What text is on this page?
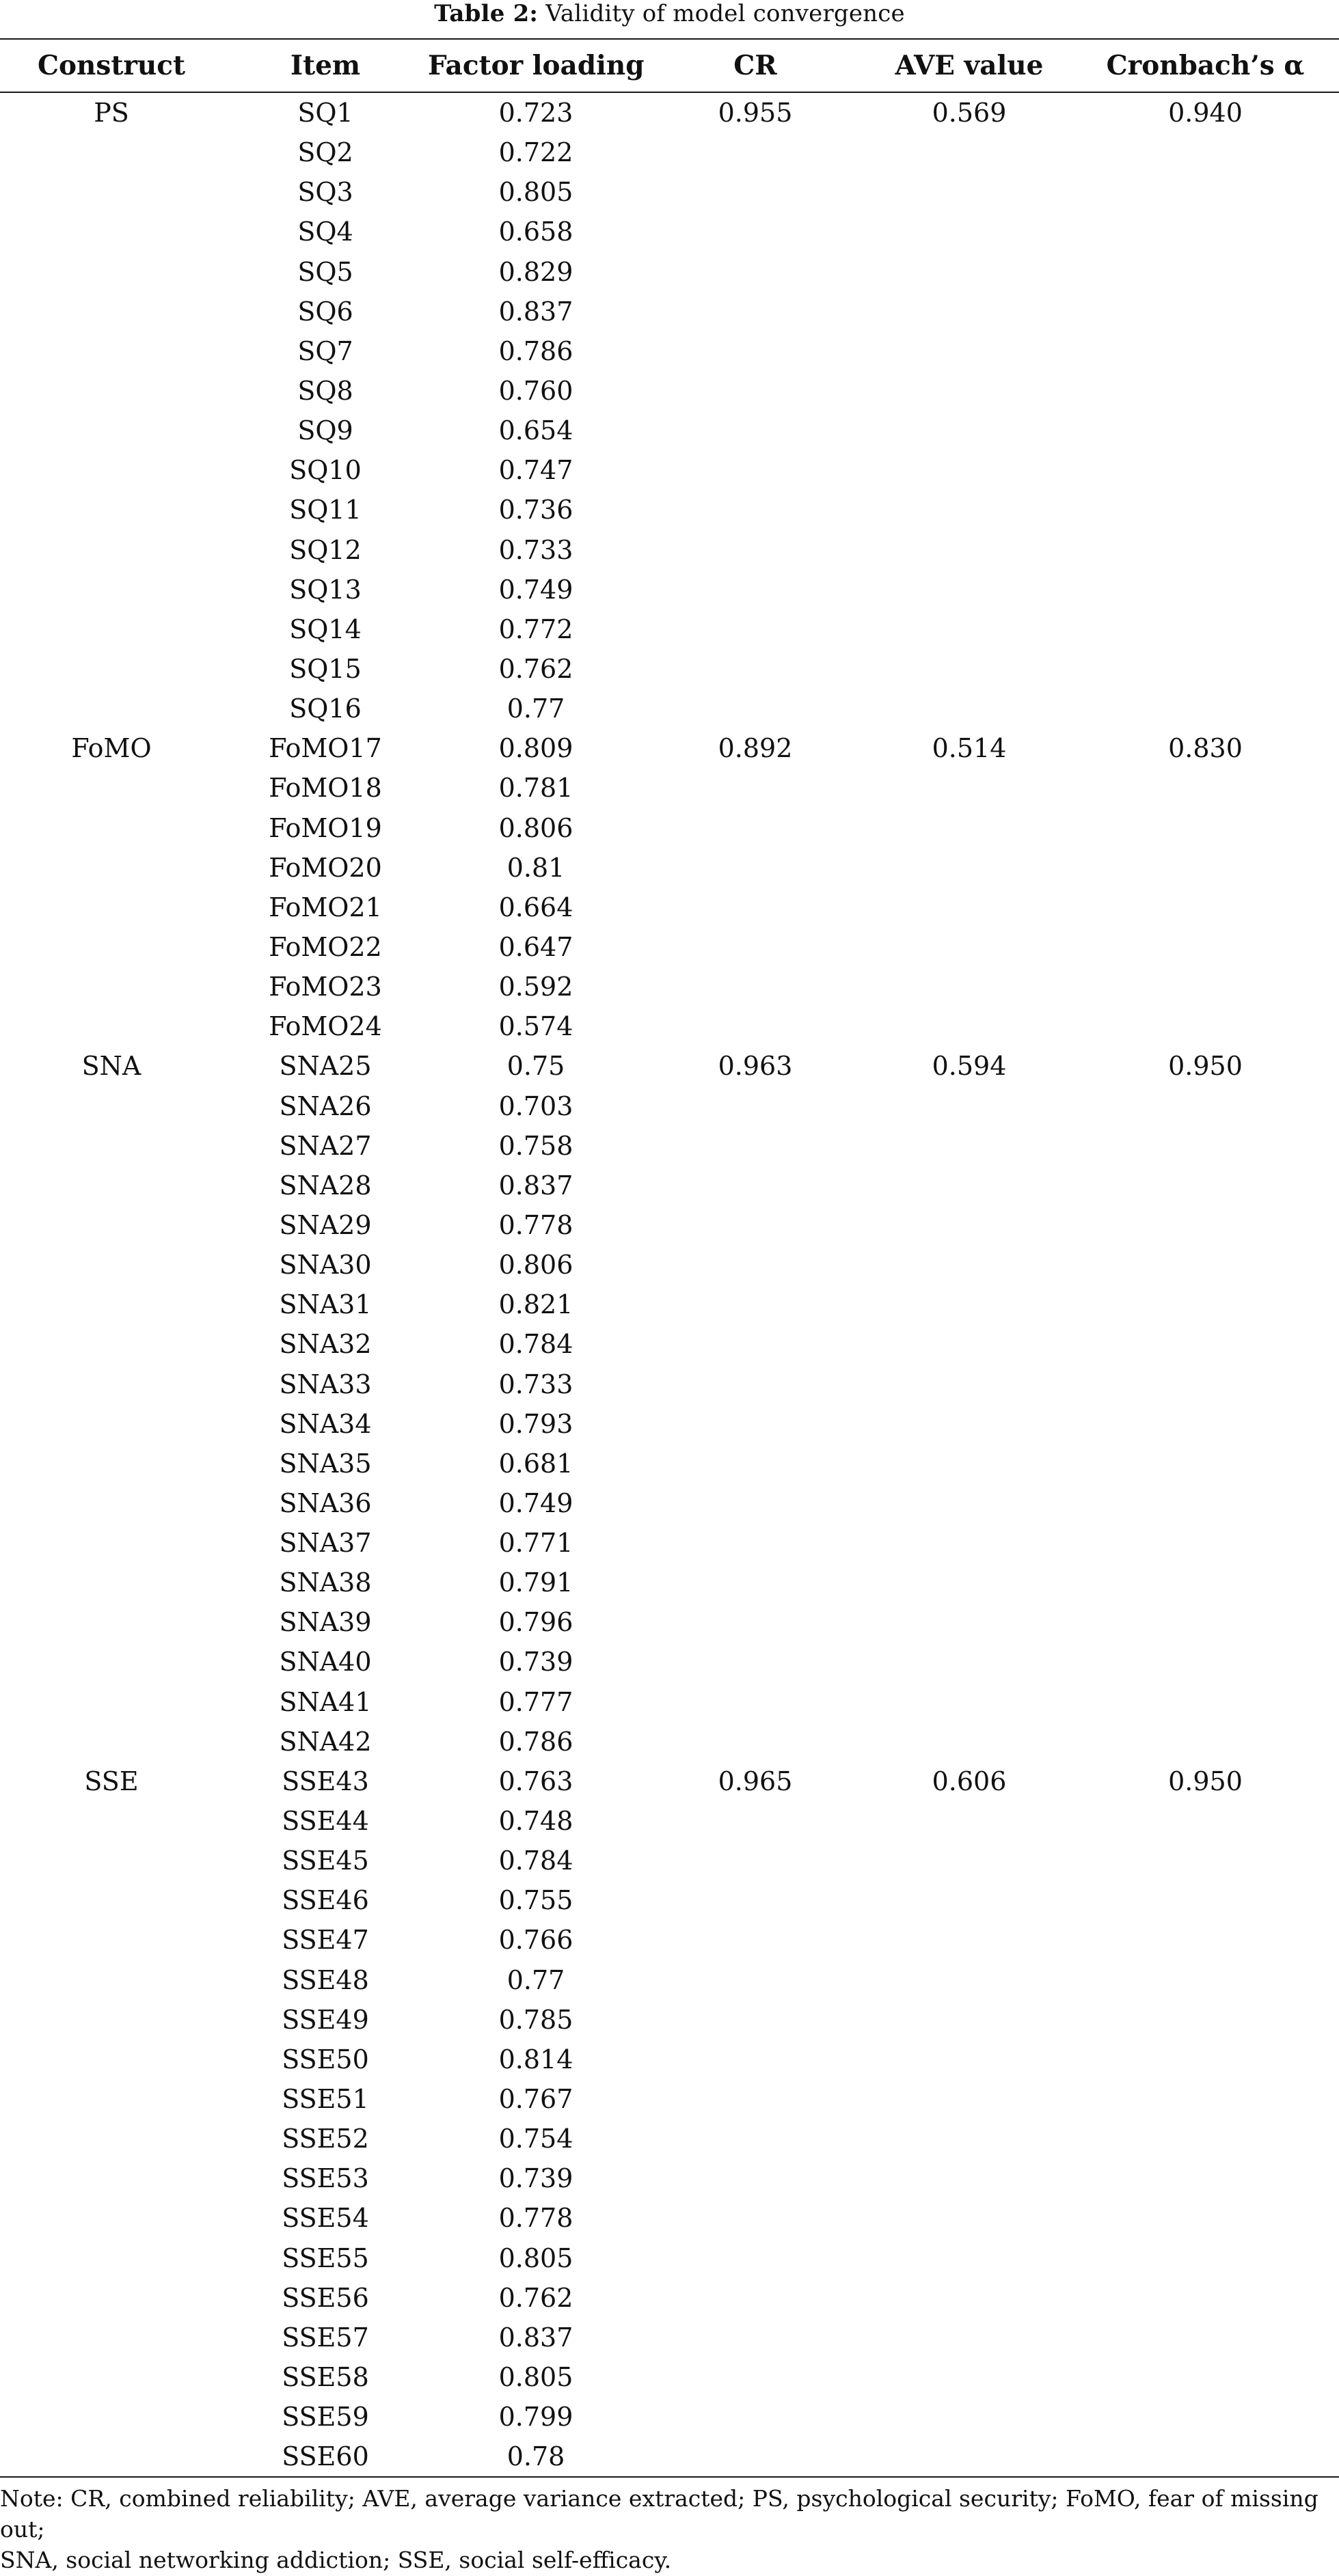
Table 2: Validity of model convergence
Construct	Item	Factor loading	CR	AVE value	Cronbach’s α
PS	SQ1	0.723	0.955	0.569	0.940
SQ2	0.722
SQ3	0.805
SQ4	0.658
SQ5	0.829
SQ6	0.837
SQ7	0.786
SQ8	0.760
SQ9	0.654
SQ10	0.747
SQ11	0.736
SQ12	0.733
SQ13	0.749
SQ14	0.772
SQ15	0.762
SQ16	0.77
FoMO	FoMO17	0.809	0.892	0.514	0.830
FoMO18	0.781
FoMO19	0.806
FoMO20	0.81
FoMO21	0.664
FoMO22	0.647
FoMO23	0.592
FoMO24	0.574
SNA	SNA25	0.75	0.963	0.594	0.950
SNA26	0.703
SNA27	0.758
SNA28	0.837
SNA29	0.778
SNA30	0.806
SNA31	0.821
SNA32	0.784
SNA33	0.733
SNA34	0.793
SNA35	0.681
SNA36	0.749
SNA37	0.771
SNA38	0.791
SNA39	0.796
SNA40	0.739
SNA41	0.777
SNA42	0.786
SSE	SSE43	0.763	0.965	0.606	0.950
SSE44	0.748
SSE45	0.784
SSE46	0.755
SSE47	0.766
SSE48	0.77
SSE49	0.785
SSE50	0.814
SSE51	0.767
SSE52	0.754
SSE53	0.739
SSE54	0.778
SSE55	0.805
SSE56	0.762
SSE57	0.837
SSE58	0.805
SSE59	0.799
SSE60	0.78
Note: CR, combined reliability; AVE, average variance extracted; PS, psychological security; FoMO, fear of missing out;
SNA, social networking addiction; SSE, social self-efficacy.
